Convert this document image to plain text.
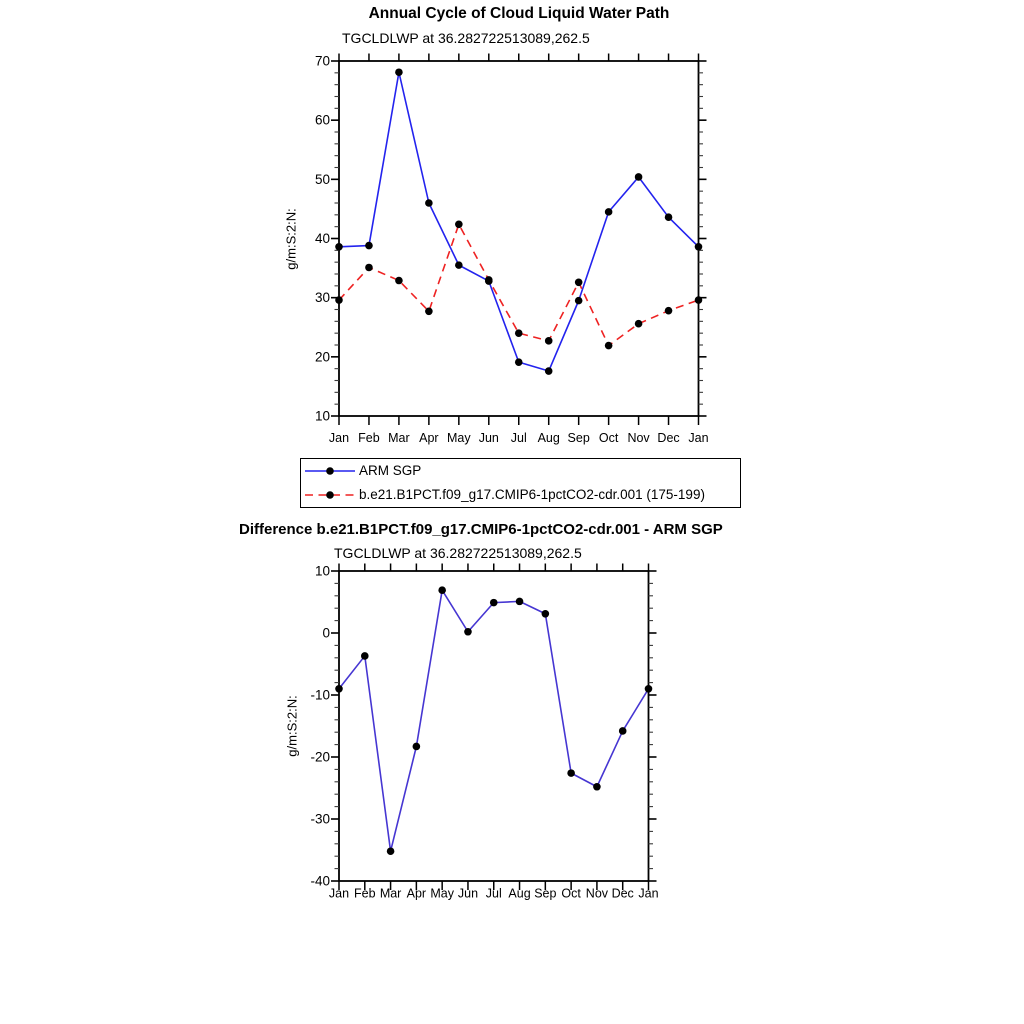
Annual Cycle of Cloud Liquid Water Path
TGCLDLWP at 36.282722513089,262.5
g/m:S:2:N:
10
20
30
40
50
60
70
Jan Feb Mar Apr May Jun Jul Aug Sep Oct Nov Dec Jan
ARM SGP
b.e21.B1PCT.f09_g17.CMIP6-1pctCO2-cdr.001 (175-199)
Difference b.e21.B1PCT.f09_g17.CMIP6-1pctCO2-cdr.001 - ARM SGP
TGCLDLWP at 36.282722513089,262.5
g/m:S:2:N:
-40
-30
-20
-10
0
10
Jan Feb Mar Apr May Jun Jul Aug Sep Oct Nov Dec Jan
